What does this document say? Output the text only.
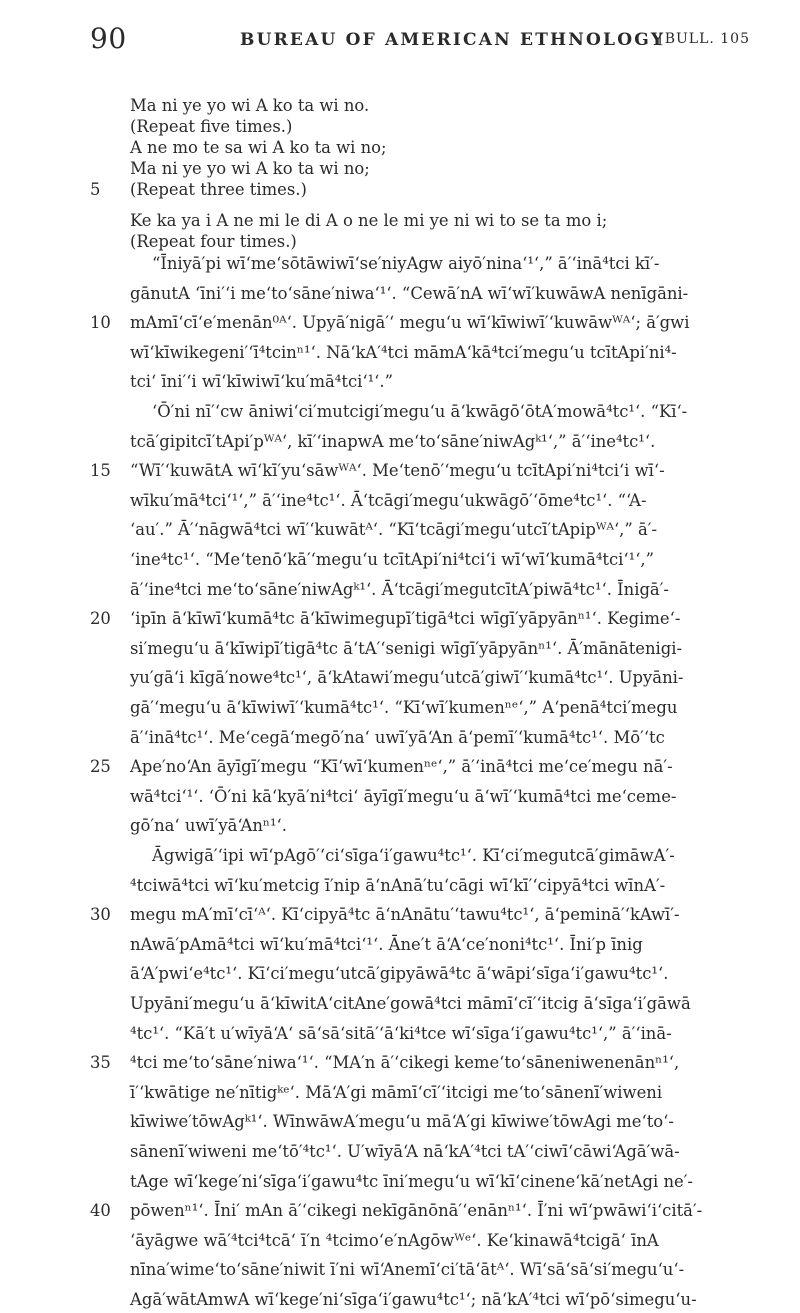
90	BUREAU OF AMERICAN ETHNOLOGY
[BULL. 105
Ma ni ye yo wi A ko ta wi no.
(Repeat five times.)
A ne mo te sa wi A ko ta wi no;
Ma ni ye yo wi A ko ta wi no;
5 (Repeat three times.)
Ke ka ya i A ne mi le di A o ne le mi ye ni wi to se ta mo i;
(Repeat four times.)
“Īniyā′pi wī‘me‘sōtāwiwī‘se′niyAgw aiyō′nina‘¹‘,” ā′‘inā⁴tci kī′-
gānutA ‘īni′‘i me‘to‘sāne′niwa‘¹‘. “Cewā′nA wī‘wī′kuwāwA nenīgāni-
10 mAmī‘cī‘e′menān⁰ᴬ‘. Upyā′nigā′‘ megu‘u wī‘kīwiwī′‘kuwāwᵂᴬ‘; ā′gwi
wī‘kīwikegeni′‘ī⁴tcinⁿ¹‘. Nā‘kA′⁴tci māmA‘kā⁴tci′megu‘u tcītApi′ni⁴-
tci‘ īni′‘i wī‘kīwiwī‘ku′mā⁴tci‘¹‘.”
‘Ō′ni nī′‘cw āniwi‘ci′mutcigi′megu‘u ā‘kwāgō‘ōtA′mowā⁴tc¹‘. “Kī‘-
tcā′gipitcī′tApi′pᵂᴬ‘, kī′‘inapwA me‘to‘sāne′niwAgᵏ¹‘,” ā′‘ine⁴tc¹‘.
15 “Wī′‘kuwātA wī‘kī′yu‘sāwᵂᴬ‘. Me‘tenō′‘megu‘u tcītApi′ni⁴tci‘i wī‘-
wīku′mā⁴tci‘¹‘,” ā′‘ine⁴tc¹‘. Ā‘tcāgi′megu‘ukwāgō′‘ōme⁴tc¹‘. “‘A-
‘au′.” Ā′‘nāgwā⁴tci wī′‘kuwātᴬ‘. “Kī‘tcāgi′megu‘utcī′tApipᵂᴬ‘,” ā′-
‘ine⁴tc¹‘. “Me‘tenō‘kā′‘megu‘u tcītApi′ni⁴tci‘i wī‘wī‘kumā⁴tci‘¹‘,”
ā′‘ine⁴tci me‘to‘sāne′niwAgᵏ¹‘. Ā‘tcāgi′megutcītA′piwā⁴tc¹‘. Īnigā′-
20 ‘ipīn ā‘kīwī‘kumā⁴tc ā‘kīwimegupī′tigā⁴tci wīgī′yāpyānⁿ¹‘. Kegime‘-
si′megu‘u ā‘kīwipī′tigā⁴tc ā‘tA′‘senigi wīgī′yāpyānⁿ¹‘. Ā′mānātenigi-
yu′gā‘i kīgā′nowe⁴tc¹‘, ā‘kAtawi′megu‘utcā′giwī′‘kumā⁴tc¹‘. Upyāni-
gā′‘megu‘u ā‘kīwiwī′‘kumā⁴tc¹‘. “Kī‘wī′kumenⁿᵉ‘,” A‘penā⁴tci′megu
ā′‘inā⁴tc¹‘. Me‘cegā‘megō′na‘ uwī′yā‘An ā‘pemī′‘kumā⁴tc¹‘. Mō′‘tc
25 Ape′no‘An āyīgī′megu “Kī‘wī‘kumenⁿᵉ‘,” ā′‘inā⁴tci me‘ce′megu nā′-
wā⁴tci‘¹‘. ‘Ō′ni kā‘kyā′ni⁴tci‘ āyīgī′megu‘u ā‘wī′‘kumā⁴tci me‘ceme-
gō′na‘ uwī′yā‘Anⁿ¹‘.
Āgwigā′‘ipi wī‘pAgō′‘ci‘sīga‘i′gawu⁴tc¹‘. Kī‘ci′megutcā′gimāwA′-
⁴tciwā⁴tci wī‘ku′metcig ī′nip ā‘nAnā′tu‘cāgi wī‘kī′‘cipyā⁴tci wīnA′-
30 megu mA′mī‘cī‘ᴬ‘. Kī‘cipyā⁴tc ā‘nAnātu′‘tawu⁴tc¹‘, ā‘peminā′‘kAwī′-
nAwā′pAmā⁴tci wī‘ku′mā⁴tci‘¹‘. Āne′t ā‘A‘ce′noni⁴tc¹‘. Īni′p īnig
ā‘A′pwi‘e⁴tc¹‘. Kī‘ci′megu‘utcā′gipyāwā⁴tc ā‘wāpi‘sīga‘i′gawu⁴tc¹‘.
Upyāni′megu‘u ā‘kīwitA‘citAne′gowā⁴tci māmī‘cī′‘itcig ā‘sīga‘i′gāwā
⁴tc¹‘. “Kā′t u′wīyā‘A‘ sā‘sā‘sitā′‘ā‘ki⁴tce wī‘sīga‘i′gawu⁴tc¹‘,” ā′‘inā-
35 ⁴tci me‘to‘sāne′niwa‘¹‘. “MA′n ā′‘cikegi keme‘to‘sāneniwenenānⁿ¹‘,
ī′‘kwātige ne′nītigᵏᵉ‘. Mā‘A′gi māmī‘cī′‘itcigi me‘to‘sānenī′wiweni
kīwiwe′tōwAgᵏ¹‘. WīnwāwA′megu‘u mā‘A′gi kīwiwe′tōwAgi me‘to‘-
sānenī′wiweni me‘tō′⁴tc¹‘. U′wīyā‘A nā‘kA′⁴tci tA′‘ciwī‘cāwi‘Agā′wā-
tAge wī‘kege′ni‘sīga‘i′gawu⁴tc īni′megu‘u wī‘kī‘cinene‘kā′netAgi ne′-
40 pōwenⁿ¹‘. Īni′ mAn ā′‘cikegi nekīgānōnā′‘enānⁿ¹‘. Ī′ni wī‘pwāwi‘i‘citā′-
‘āyāgwe wā′⁴tci⁴tcā‘ ī′n ⁴tcimo‘e′nAgōwᵂᵉ‘. Ke‘kinawā⁴tcigā‘ īnA
nīna′wime‘to‘sāne′niwit ī′ni wī‘Anemī‘ci′tā‘ātᴬ‘. Wī‘sā‘sā‘si′megu‘u‘-
Agā′wātAmwA wī‘kege′ni‘sīga‘i′gawu⁴tc¹‘; nā‘kA′⁴tci wī‘pō‘simegu‘u-
